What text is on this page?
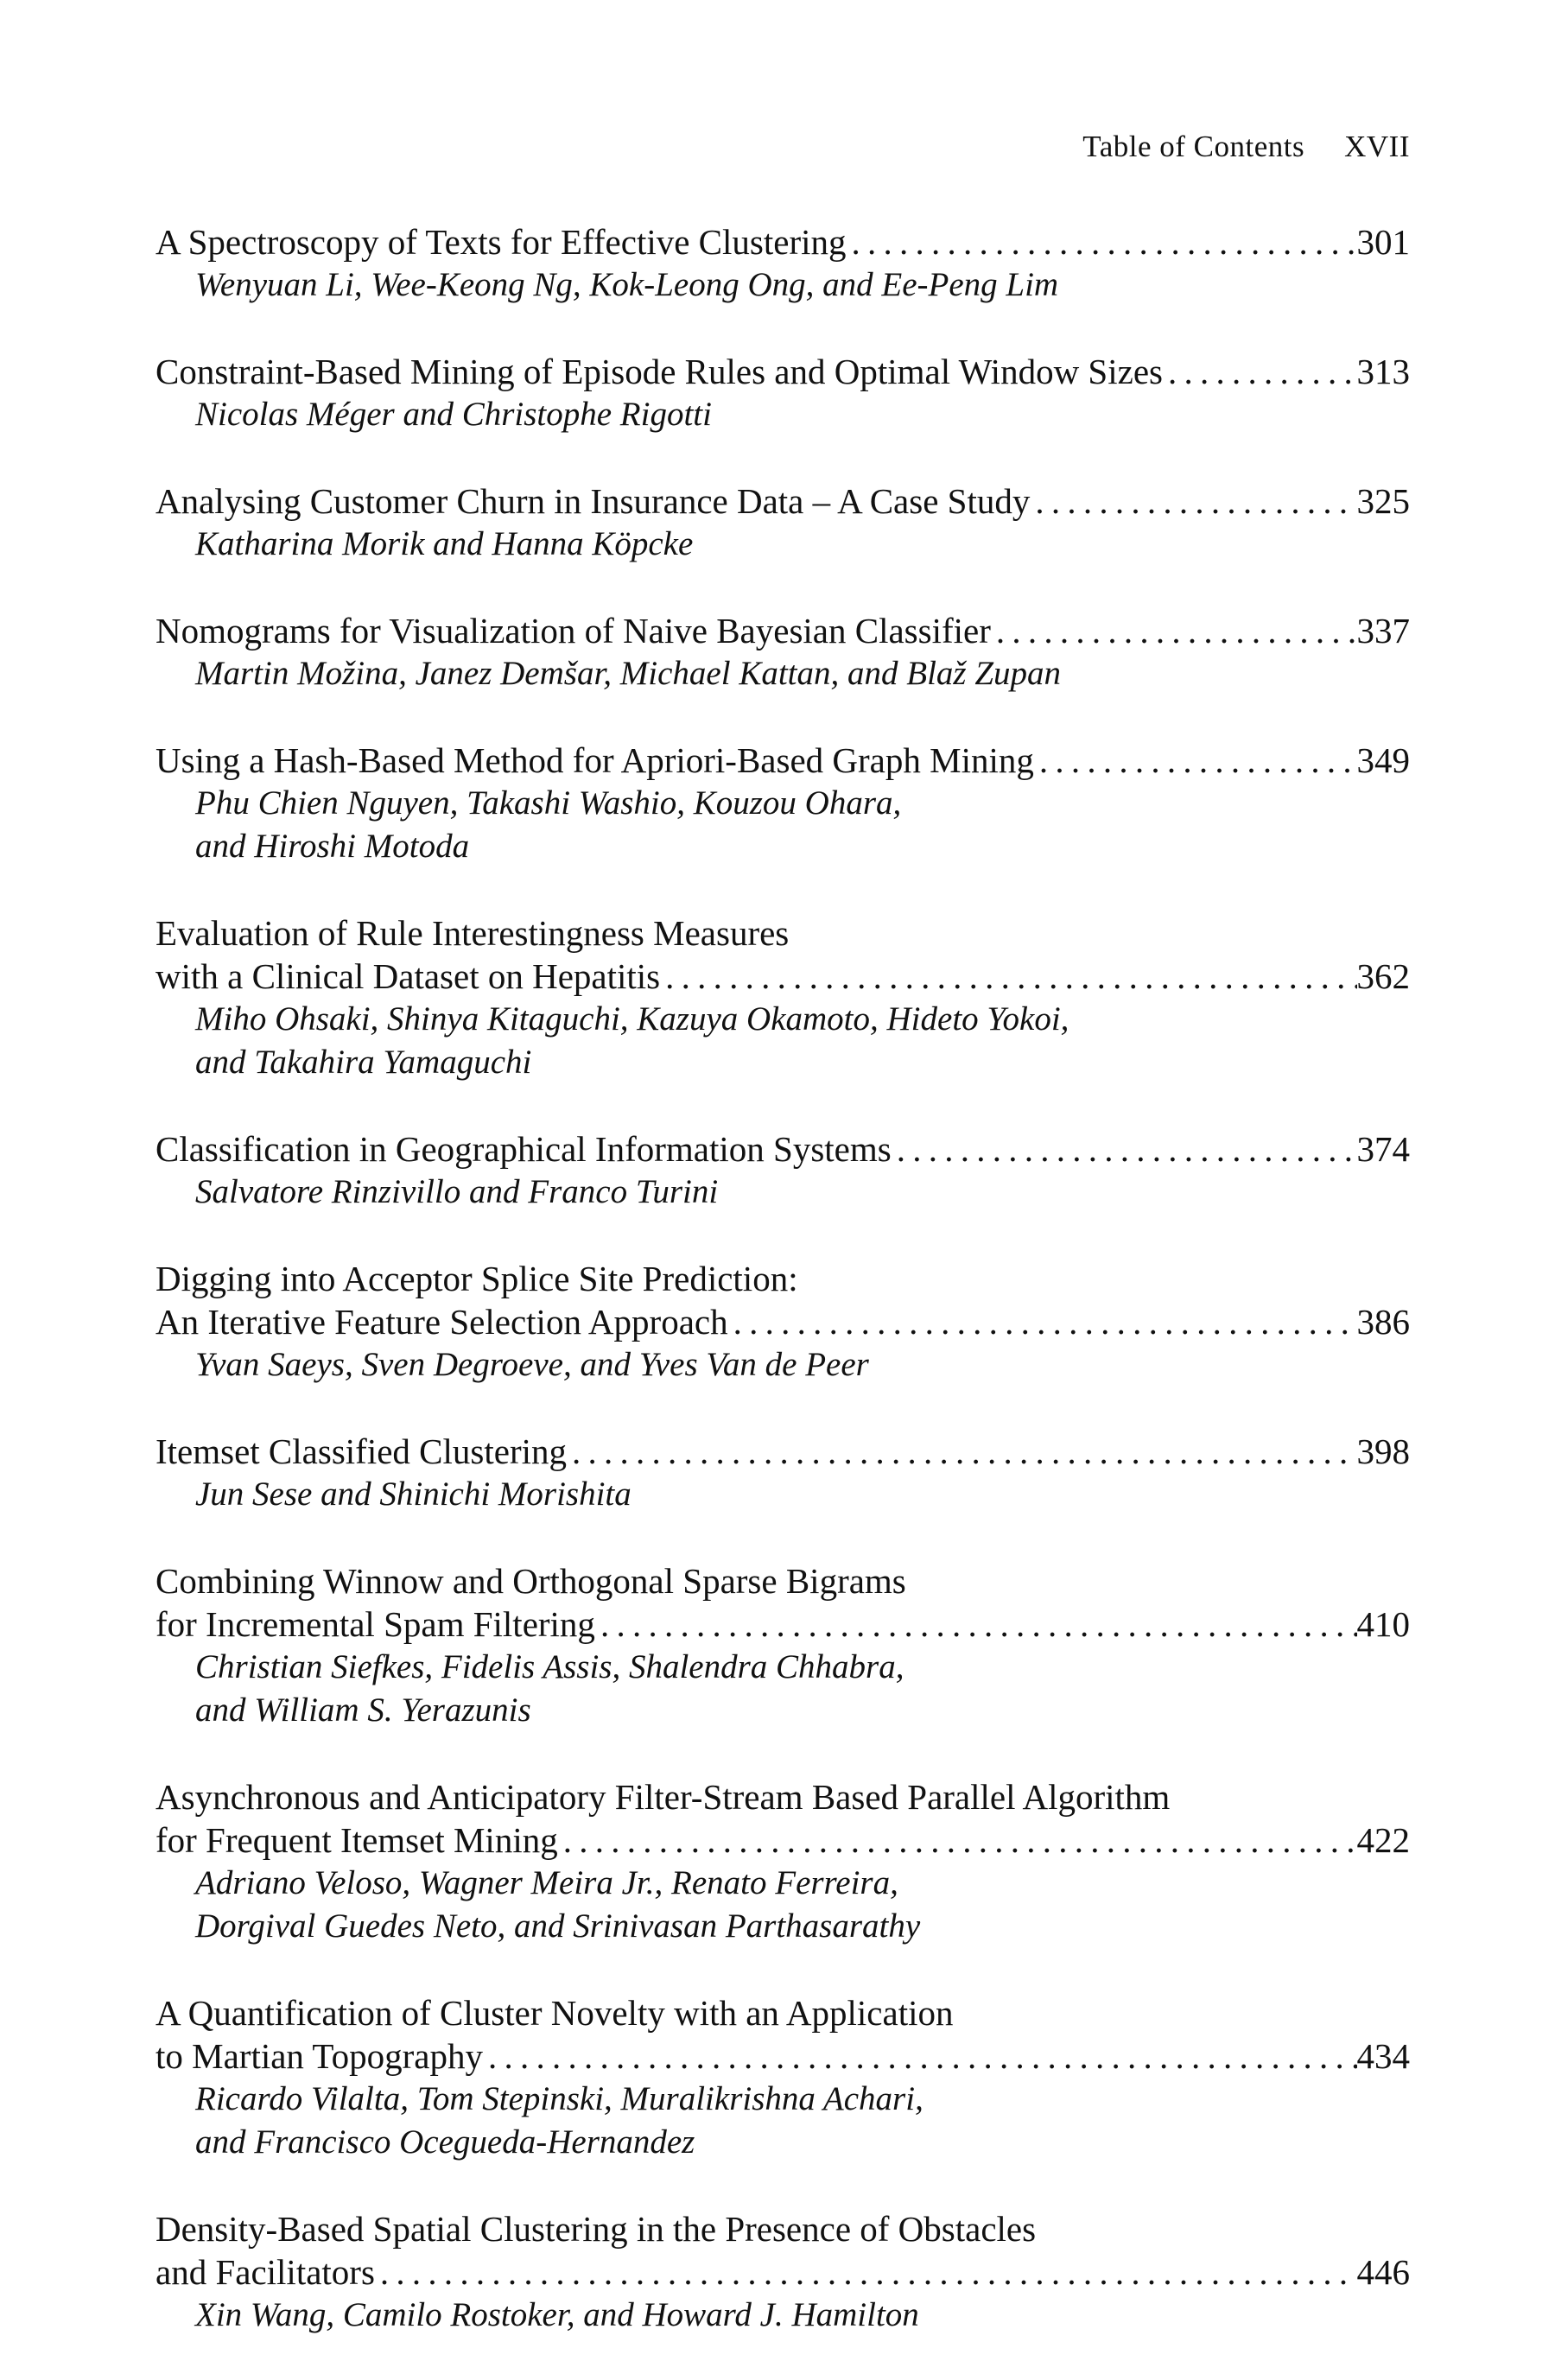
Table of Contents XVII
A Spectroscopy of Texts for Effective Clustering . . .	301
Wenyuan Li, Wee-Keong Ng, Kok-Leong Ong, and Ee-Peng Lim
Constraint-Based Mining of Episode Rules and Optimal Window Sizes . . .	313
Nicolas Méger and Christophe Rigotti
Analysing Customer Churn in Insurance Data – A Case Study . . .	325
Katharina Morik and Hanna Köpcke
Nomograms for Visualization of Naive Bayesian Classifier . . .	337
Martin Možina, Janez Demšar, Michael Kattan, and Blaž Zupan
Using a Hash-Based Method for Apriori-Based Graph Mining . . .	349
Phu Chien Nguyen, Takashi Washio, Kouzou Ohara,
and Hiroshi Motoda
Evaluation of Rule Interestingness Measures
with a Clinical Dataset on Hepatitis . . .	362
Miho Ohsaki, Shinya Kitaguchi, Kazuya Okamoto, Hideto Yokoi,
and Takahira Yamaguchi
Classification in Geographical Information Systems . . .	374
Salvatore Rinzivillo and Franco Turini
Digging into Acceptor Splice Site Prediction:
An Iterative Feature Selection Approach . . .	386
Yvan Saeys, Sven Degroeve, and Yves Van de Peer
Itemset Classified Clustering . . .	398
Jun Sese and Shinichi Morishita
Combining Winnow and Orthogonal Sparse Bigrams
for Incremental Spam Filtering . . .	410
Christian Siefkes, Fidelis Assis, Shalendra Chhabra,
and William S. Yerazunis
Asynchronous and Anticipatory Filter-Stream Based Parallel Algorithm
for Frequent Itemset Mining . . .	422
Adriano Veloso, Wagner Meira Jr., Renato Ferreira,
Dorgival Guedes Neto, and Srinivasan Parthasarathy
A Quantification of Cluster Novelty with an Application
to Martian Topography . . .	434
Ricardo Vilalta, Tom Stepinski, Muralikrishna Achari,
and Francisco Ocegueda-Hernandez
Density-Based Spatial Clustering in the Presence of Obstacles
and Facilitators . . .	446
Xin Wang, Camilo Rostoker, and Howard J. Hamilton
